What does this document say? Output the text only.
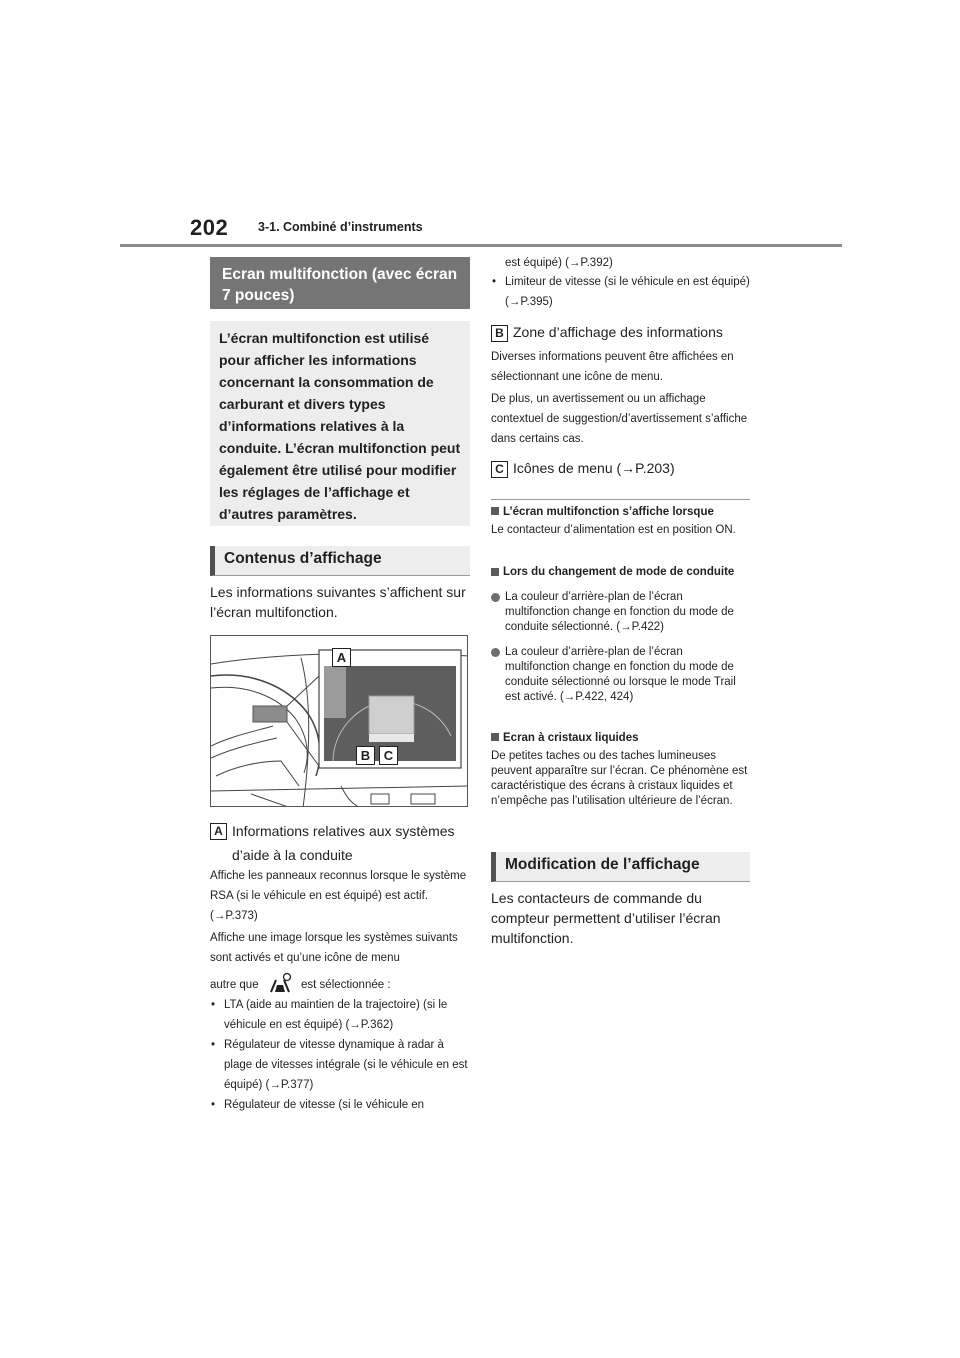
202 3-1. Combiné d’instruments
Ecran multifonction (avec écran 7 pouces)
L’écran multifonction est utilisé pour afficher les informations concernant la consommation de carburant et divers types d’informations relatives à la conduite. L’écran multifonction peut également être utilisé pour modifier les réglages de l’affichage et d’autres paramètres.
Contenus d’affichage
Les informations suivantes s’affichent sur l’écran multifonction.
A
B	C
A Informations relatives aux systèmes d’aide à la conduite
Affiche les panneaux reconnus lorsque le système RSA (si le véhicule en est équipé) est actif. (→P.373)
Affiche une image lorsque les systèmes suivants sont activés et qu’une icône de menu
autre que	est sélectionnée :
• LTA (aide au maintien de la trajectoire) (si le véhicule en est équipé) (→P.362)
• Régulateur de vitesse dynamique à radar à plage de vitesses intégrale (si le véhicule en est équipé) (→P.377)
• Régulateur de vitesse (si le véhicule en
est équipé) (→P.392)
• Limiteur de vitesse (si le véhicule en est équipé) (→P.395)
B Zone d’affichage des informations
Diverses informations peuvent être affichées en sélectionnant une icône de menu.
De plus, un avertissement ou un affichage contextuel de suggestion/d’avertissement s’affiche dans certains cas.
C Icônes de menu (→P.203)
L’écran multifonction s’affiche lorsque
Le contacteur d’alimentation est en position ON.
Lors du changement de mode de conduite
La couleur d’arrière-plan de l’écran multifonction change en fonction du mode de conduite sélectionné. (→P.422)
La couleur d’arrière-plan de l’écran multifonction change en fonction du mode de conduite sélectionné ou lorsque le mode Trail est activé. (→P.422, 424)
Ecran à cristaux liquides
De petites taches ou des taches lumineuses peuvent apparaître sur l’écran. Ce phénomène est caractéristique des écrans à cristaux liquides et n’empêche pas l’utilisation ultérieure de l’écran.
Modification de l’affichage
Les contacteurs de commande du compteur permettent d’utiliser l’écran multifonction.
